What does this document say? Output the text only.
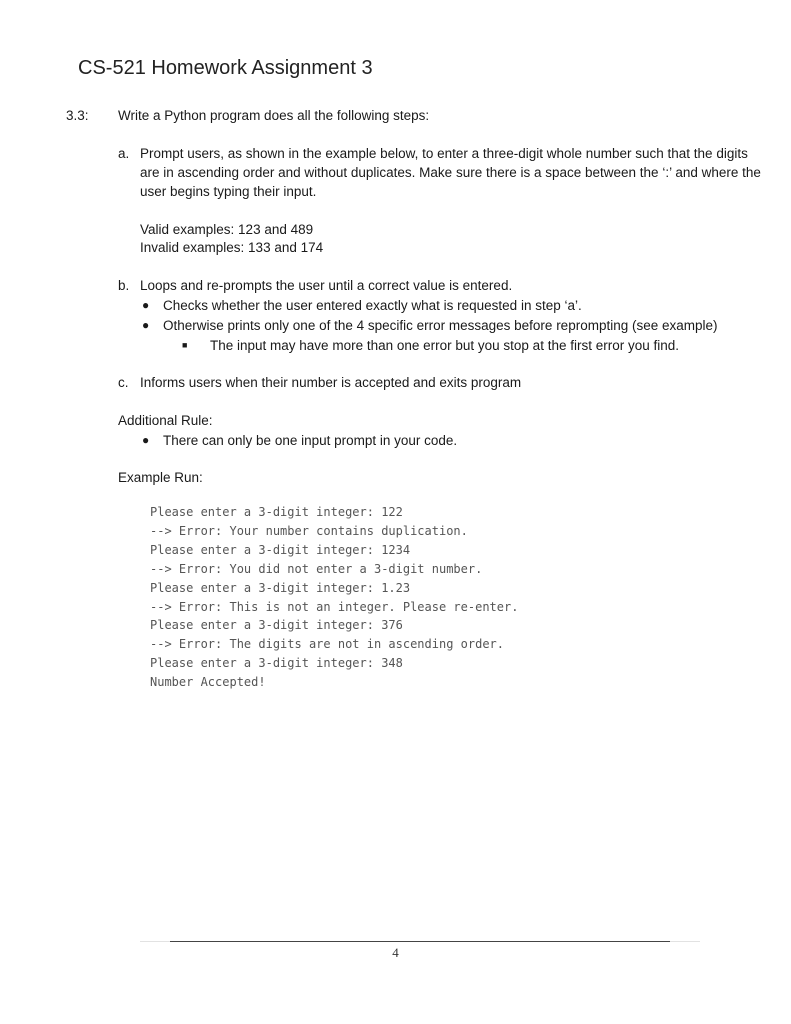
CS-521 Homework Assignment 3
3.3: Write a Python program does all the following steps:
a. Prompt users, as shown in the example below, to enter a three-digit whole number such that the digits are in ascending order and without duplicates. Make sure there is a space between the ‘:’ and where the user begins typing their input.
Valid examples: 123 and 489
Invalid examples: 133 and 174
b. Loops and re-prompts the user until a correct value is entered.
● Checks whether the user entered exactly what is requested in step ‘a’.
● Otherwise prints only one of the 4 specific error messages before reprompting (see example)
■ The input may have more than one error but you stop at the first error you find.
c. Informs users when their number is accepted and exits program
Additional Rule:
● There can only be one input prompt in your code.
Example Run:
Please enter a 3-digit integer: 122
--> Error: Your number contains duplication.
Please enter a 3-digit integer: 1234
--> Error: You did not enter a 3-digit number.
Please enter a 3-digit integer: 1.23
--> Error: This is not an integer. Please re-enter.
Please enter a 3-digit integer: 376
--> Error: The digits are not in ascending order.
Please enter a 3-digit integer: 348
Number Accepted!
4
